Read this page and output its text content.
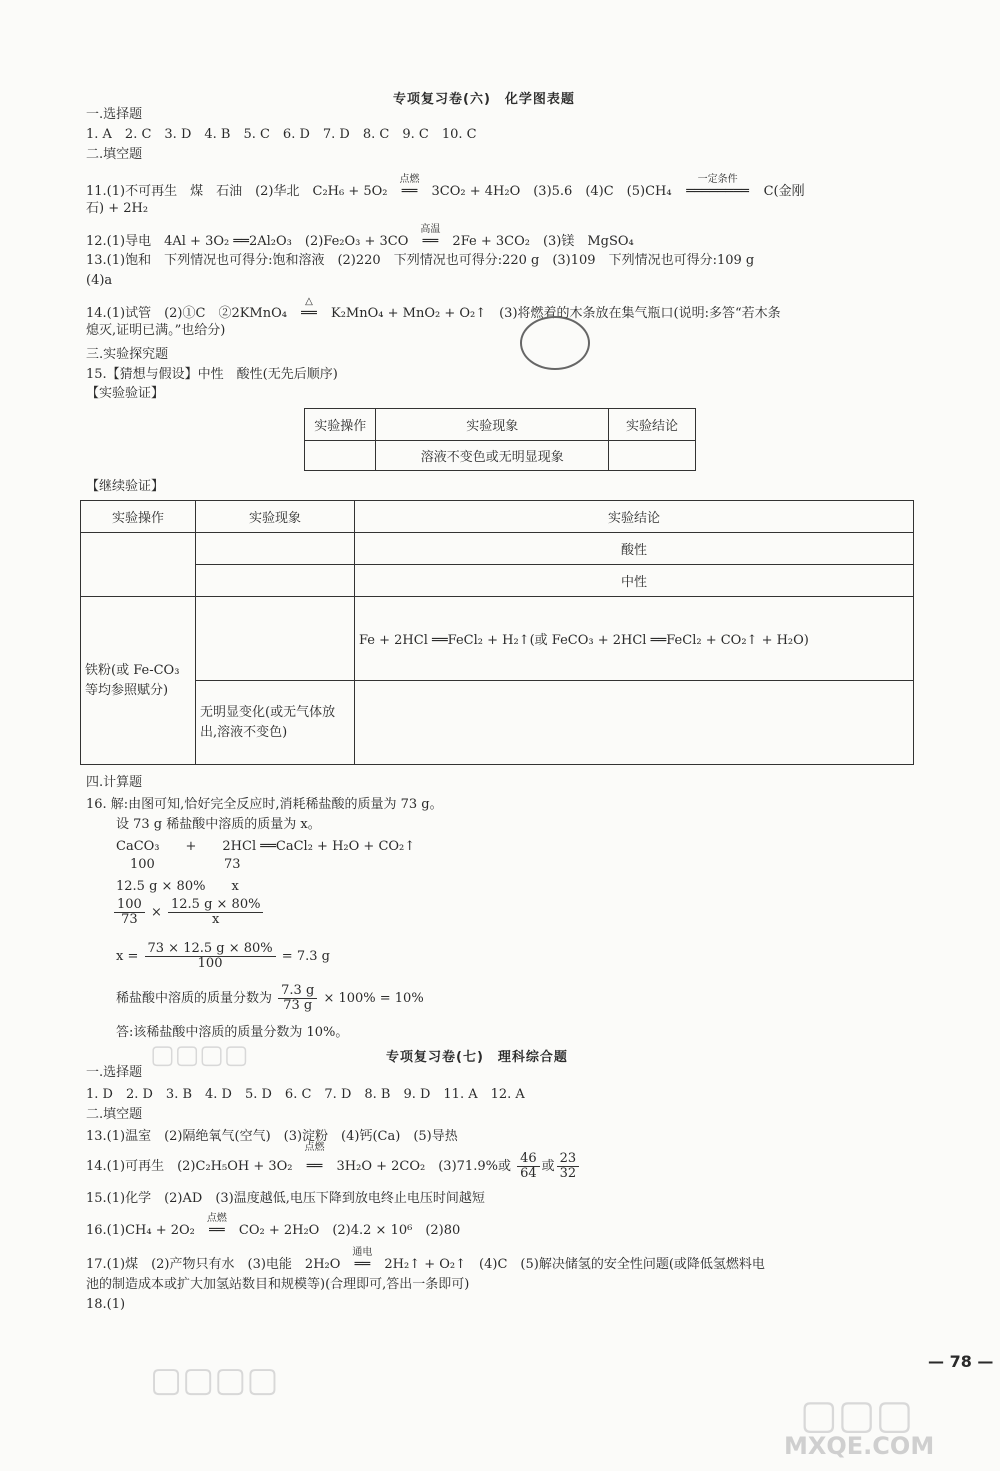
专项复习卷(六)　化学图表题
一.选择题
1. A　2. C　3. D　4. B　5. C　6. D　7. D　8. C　9. C　10. C
二.填空题
11.(1)不可再生　煤　石油　(2)华北　C₂H₆ + 5O₂
点燃
══ 3CO₂ + 4H₂O　(3)5.6　(4)C　(5)CH₄
一定条件
════════ C(金刚
石) + 2H₂
12.(1)导电　4Al + 3O₂ ══2Al₂O₃　(2)Fe₂O₃ + 3CO
高温
══ 2Fe + 3CO₂　(3)镁　MgSO₄
13.(1)饱和　下列情况也可得分:饱和溶液　(2)220　下列情况也可得分:220 g　(3)109　下列情况也可得分:109 g
(4)a
14.(1)试管　(2)①C　②2KMnO₄
△
══ K₂MnO₄ + MnO₂ + O₂↑　(3)将燃着的木条放在集气瓶口(说明:多答“若木条
熄灭,证明已满。”也给分)
三.实验探究题
15.【猜想与假设】中性　酸性(无先后顺序)
【实验验证】
实验操作	实验现象	实验结论
	溶液不变色或无明显现象	
【继续验证】
实验操作	实验现象	实验结论
		酸性
		中性
铁粉(或 Fe-CO₃ 等均参照赋分)		Fe + 2HCl ══FeCl₂ + H₂↑(或 FeCO₃ + 2HCl ══FeCl₂ + CO₂↑ + H₂O)
	无明显变化(或无气体放出,溶液不变色)	
四.计算题
16. 解:由图可知,恰好完全反应时,消耗稀盐酸的质量为 73 g。
设 73 g 稀盐酸中溶质的质量为 x。
CaCO₃　　+　　2HCl ══CaCl₂ + H₂O + CO₂↑
100　　　　　 73
12.5 g × 80%　　x
$\frac{100}{73} \times \frac{12.5 g \times 80\%}{x}$
$x = \frac{73 \times 12.5 g \times 80\%}{100} = 7.3$ g
稀盐酸中溶质的质量分数为 $\frac{7.3 g}{73 g} \times 100\% = 10\%$
答:该稀盐酸中溶质的质量分数为 10%。
专项复习卷(七)　理科综合题
一.选择题
1. D　2. D　3. B　4. D　5. D　6. C　7. D　8. B　9. D　11. A　12. A
二.填空题
13.(1)温室　(2)隔绝氧气(空气)　(3)淀粉　(4)钙(Ca)　(5)导热
14.(1)可再生　(2)C₂H₅OH + 3O₂
点燃
══ 3H₂O + 2CO₂　(3)71.9%或 $\frac{46}{64}$ 或 $\frac{23}{32}$
15.(1)化学　(2)AD　(3)温度越低,电压下降到放电终止电压时间越短
16.(1)CH₄ + 2O₂
点燃
══ CO₂ + 2H₂O　(2)4.2 × 10⁶　(2)80
17.(1)煤　(2)产物只有水　(3)电能　2H₂O
通电
══ 2H₂↑ + O₂↑　(4)C　(5)解决储氢的安全性问题(或降低氢燃料电
池的制造成本或扩大加氢站数目和规模等)(合理即可,答出一条即可)
18.(1)
— 78 —
▢▢▢▢
▢▢▢▢
▢▢▢
MXQE.COM
